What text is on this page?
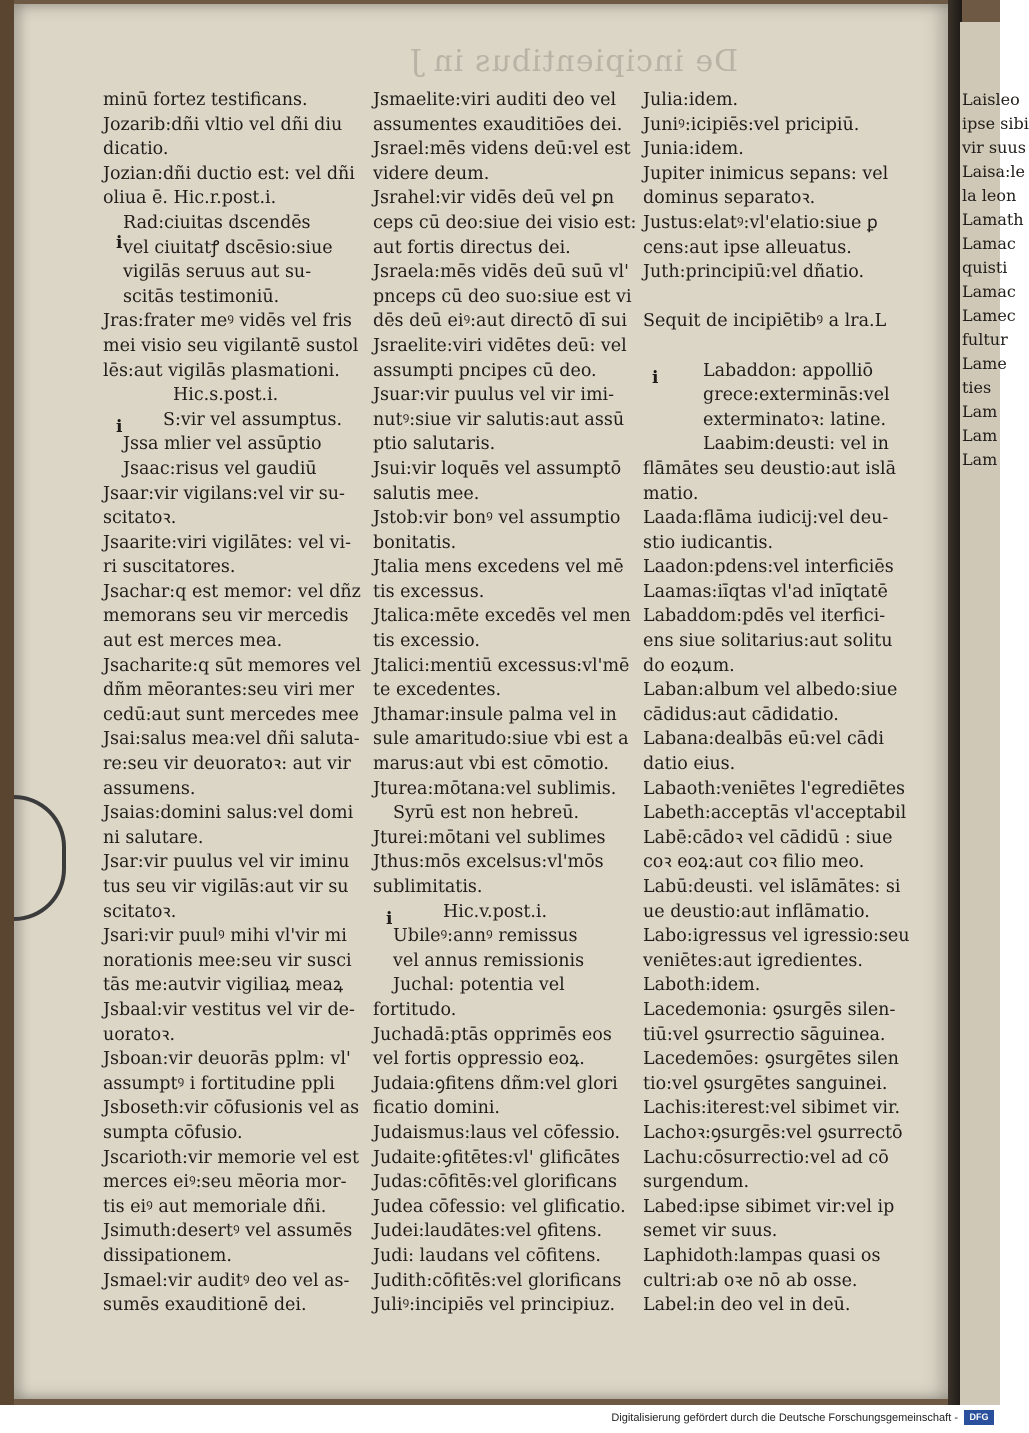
De incipientibus in J
minū fortez testificans.
Jozarib:dñi vltio vel dñi diu
dicatio.
Jozian:dñi ductio est: vel dñi
oliua ē. Hic.r.post.i.
Rad:ciuitas dscendēs
vel ciuitatꝭ dscēsio:siue
vigilās seruus aut su-
scitās testimoniū.
Jras:frater meꝰ vidēs vel fris
mei visio seu vigilantē sustol
lēs:aut vigilās plasmationi.
Hic.s.post.i.
S:vir vel assumptus.
Jssa mlier vel assūptio
Jsaac:risus vel gaudiū
Jsaar:vir vigilans:vel vir su-
scitatoꝛ.
Jsaarite:viri vigilātes: vel vi-
ri suscitatores.
Jsachar:q est memor: vel dñz
memorans seu vir mercedis
aut est merces mea.
Jsacharite:q sūt memores vel
dñm mēorantes:seu viri mer
cedū:aut sunt mercedes mee
Jsai:salus mea:vel dñi saluta-
re:seu vir deuoratoꝛ: aut vir
assumens.
Jsaias:domini salus:vel domi
ni salutare.
Jsar:vir puulus vel vir iminu
tus seu vir vigilās:aut vir su
scitatoꝛ.
Jsari:vir puulꝰ mihi vl'vir mi
norationis mee:seu vir susci
tās me:autvir vigiliaꝝ meaꝝ
Jsbaal:vir vestitus vel vir de-
uoratoꝛ.
Jsboan:vir deuorās pplm: vl'
assumptꝰ i fortitudine ppli
Jsboseth:vir cōfusionis vel as
sumpta cōfusio.
Jscarioth:vir memorie vel est
merces eiꝰ:seu mēoria mor-
tis eiꝰ aut memoriale dñi.
Jsimuth:desertꝰ vel assumēs
dissipationem.
Jsmael:vir auditꝰ deo vel as-
sumēs exauditionē dei.
Jsmaelite:viri auditi deo vel
assumentes exauditiōes dei.
Jsrael:mēs videns deū:vel est
videre deum.
Jsrahel:vir vidēs deū vel ꝑn
ceps cū deo:siue dei visio est:
aut fortis directus dei.
Jsraela:mēs vidēs deū suū vl'
pnceps cū deo suo:siue est vi
dēs deū eiꝰ:aut directō dī sui
Jsraelite:viri vidētes deū: vel
assumpti pncipes cū deo.
Jsuar:vir puulus vel vir imi-
nutꝰ:siue vir salutis:aut assū
ptio salutaris.
Jsui:vir loquēs vel assumptō
salutis mee.
Jstob:vir bonꝰ vel assumptio
bonitatis.
Jtalia mens excedens vel mē
tis excessus.
Jtalica:mēte excedēs vel men
tis excessio.
Jtalici:mentiū excessus:vl'mē
te excedentes.
Jthamar:insule palma vel in
sule amaritudo:siue vbi est a
marus:aut vbi est cōmotio.
Jturea:mōtana:vel sublimis.
Syrū est non hebreū.
Jturei:mōtani vel sublimes
Jthus:mōs excelsus:vl'mōs
sublimitatis.
Hic.v.post.i.
Ubileꝰ:annꝰ remissus
vel annus remissionis
Juchal: potentia vel
fortitudo.
Juchadā:ptās opprimēs eos
vel fortis oppressio eoꝝ.
Judaia:ꝯfitens dñm:vel glori
ficatio domini.
Judaismus:laus vel cōfessio.
Judaite:ꝯfitētes:vl' glificātes
Judas:cōfitēs:vel glorificans
Judea cōfessio: vel glificatio.
Judei:laudātes:vel ꝯfitens.
Judi: laudans vel cōfitens.
Judith:cōfitēs:vel glorificans
Juliꝰ:incipiēs vel principiuz.
Julia:idem.
Juniꝰ:icipiēs:vel pricipiū.
Junia:idem.
Jupiter inimicus sepans: vel
dominus separatoꝛ.
Justus:elatꝰ:vl'elatio:siue ꝑ
cens:aut ipse alleuatus.
Juth:principiū:vel dñatio.
Sequit de incipiētibꝰ a lra.L
Labaddon: appolliō
grece:exterminās:vel
exterminatoꝛ: latine.
Laabim:deusti: vel in
flāmātes seu deustio:aut islā
matio.
Laada:flāma iudicij:vel deu-
stio iudicantis.
Laadon:pdens:vel interficiēs
Laamas:iīqtas vl'ad inīqtatē
Labaddom:pdēs vel iterfici-
ens siue solitarius:aut solitu
do eoꝝum.
Laban:album vel albedo:siue
cādidus:aut cādidatio.
Labana:dealbās eū:vel cādi
datio eius.
Labaoth:veniētes l'egrediētes
Labeth:acceptās vl'acceptabil
Labē:cādoꝛ vel cādidū : siue
coꝛ eoꝝ:aut coꝛ filio meo.
Labū:deusti. vel islāmātes: si
ue deustio:aut inflāmatio.
Labo:igressus vel igressio:seu
veniētes:aut igredientes.
Laboth:idem.
Lacedemonia: ꝯsurgēs silen-
tiū:vel ꝯsurrectio sāguinea.
Lacedemōes: ꝯsurgētes silen
tio:vel ꝯsurgētes sanguinei.
Lachis:iterest:vel sibimet vir.
Lachoꝛ:ꝯsurgēs:vel ꝯsurrectō
Lachu:cōsurrectio:vel ad cō
surgendum.
Labed:ipse sibimet vir:vel ip
semet vir suus.
Laphidoth:lampas quasi os
cultri:ab oꝛe nō ab osse.
Label:in deo vel in deū.
Laisleo
ipse sibi
vir suus
Laisa:le
la leon
Lamath
Lamac
quisti
Lamac
Lamec
fultur
Lame
ties
Lam
Lam
Lam
i
i
i
i
Digitalisierung gefördert durch die Deutsche Forschungsgemeinschaft -	DFG
